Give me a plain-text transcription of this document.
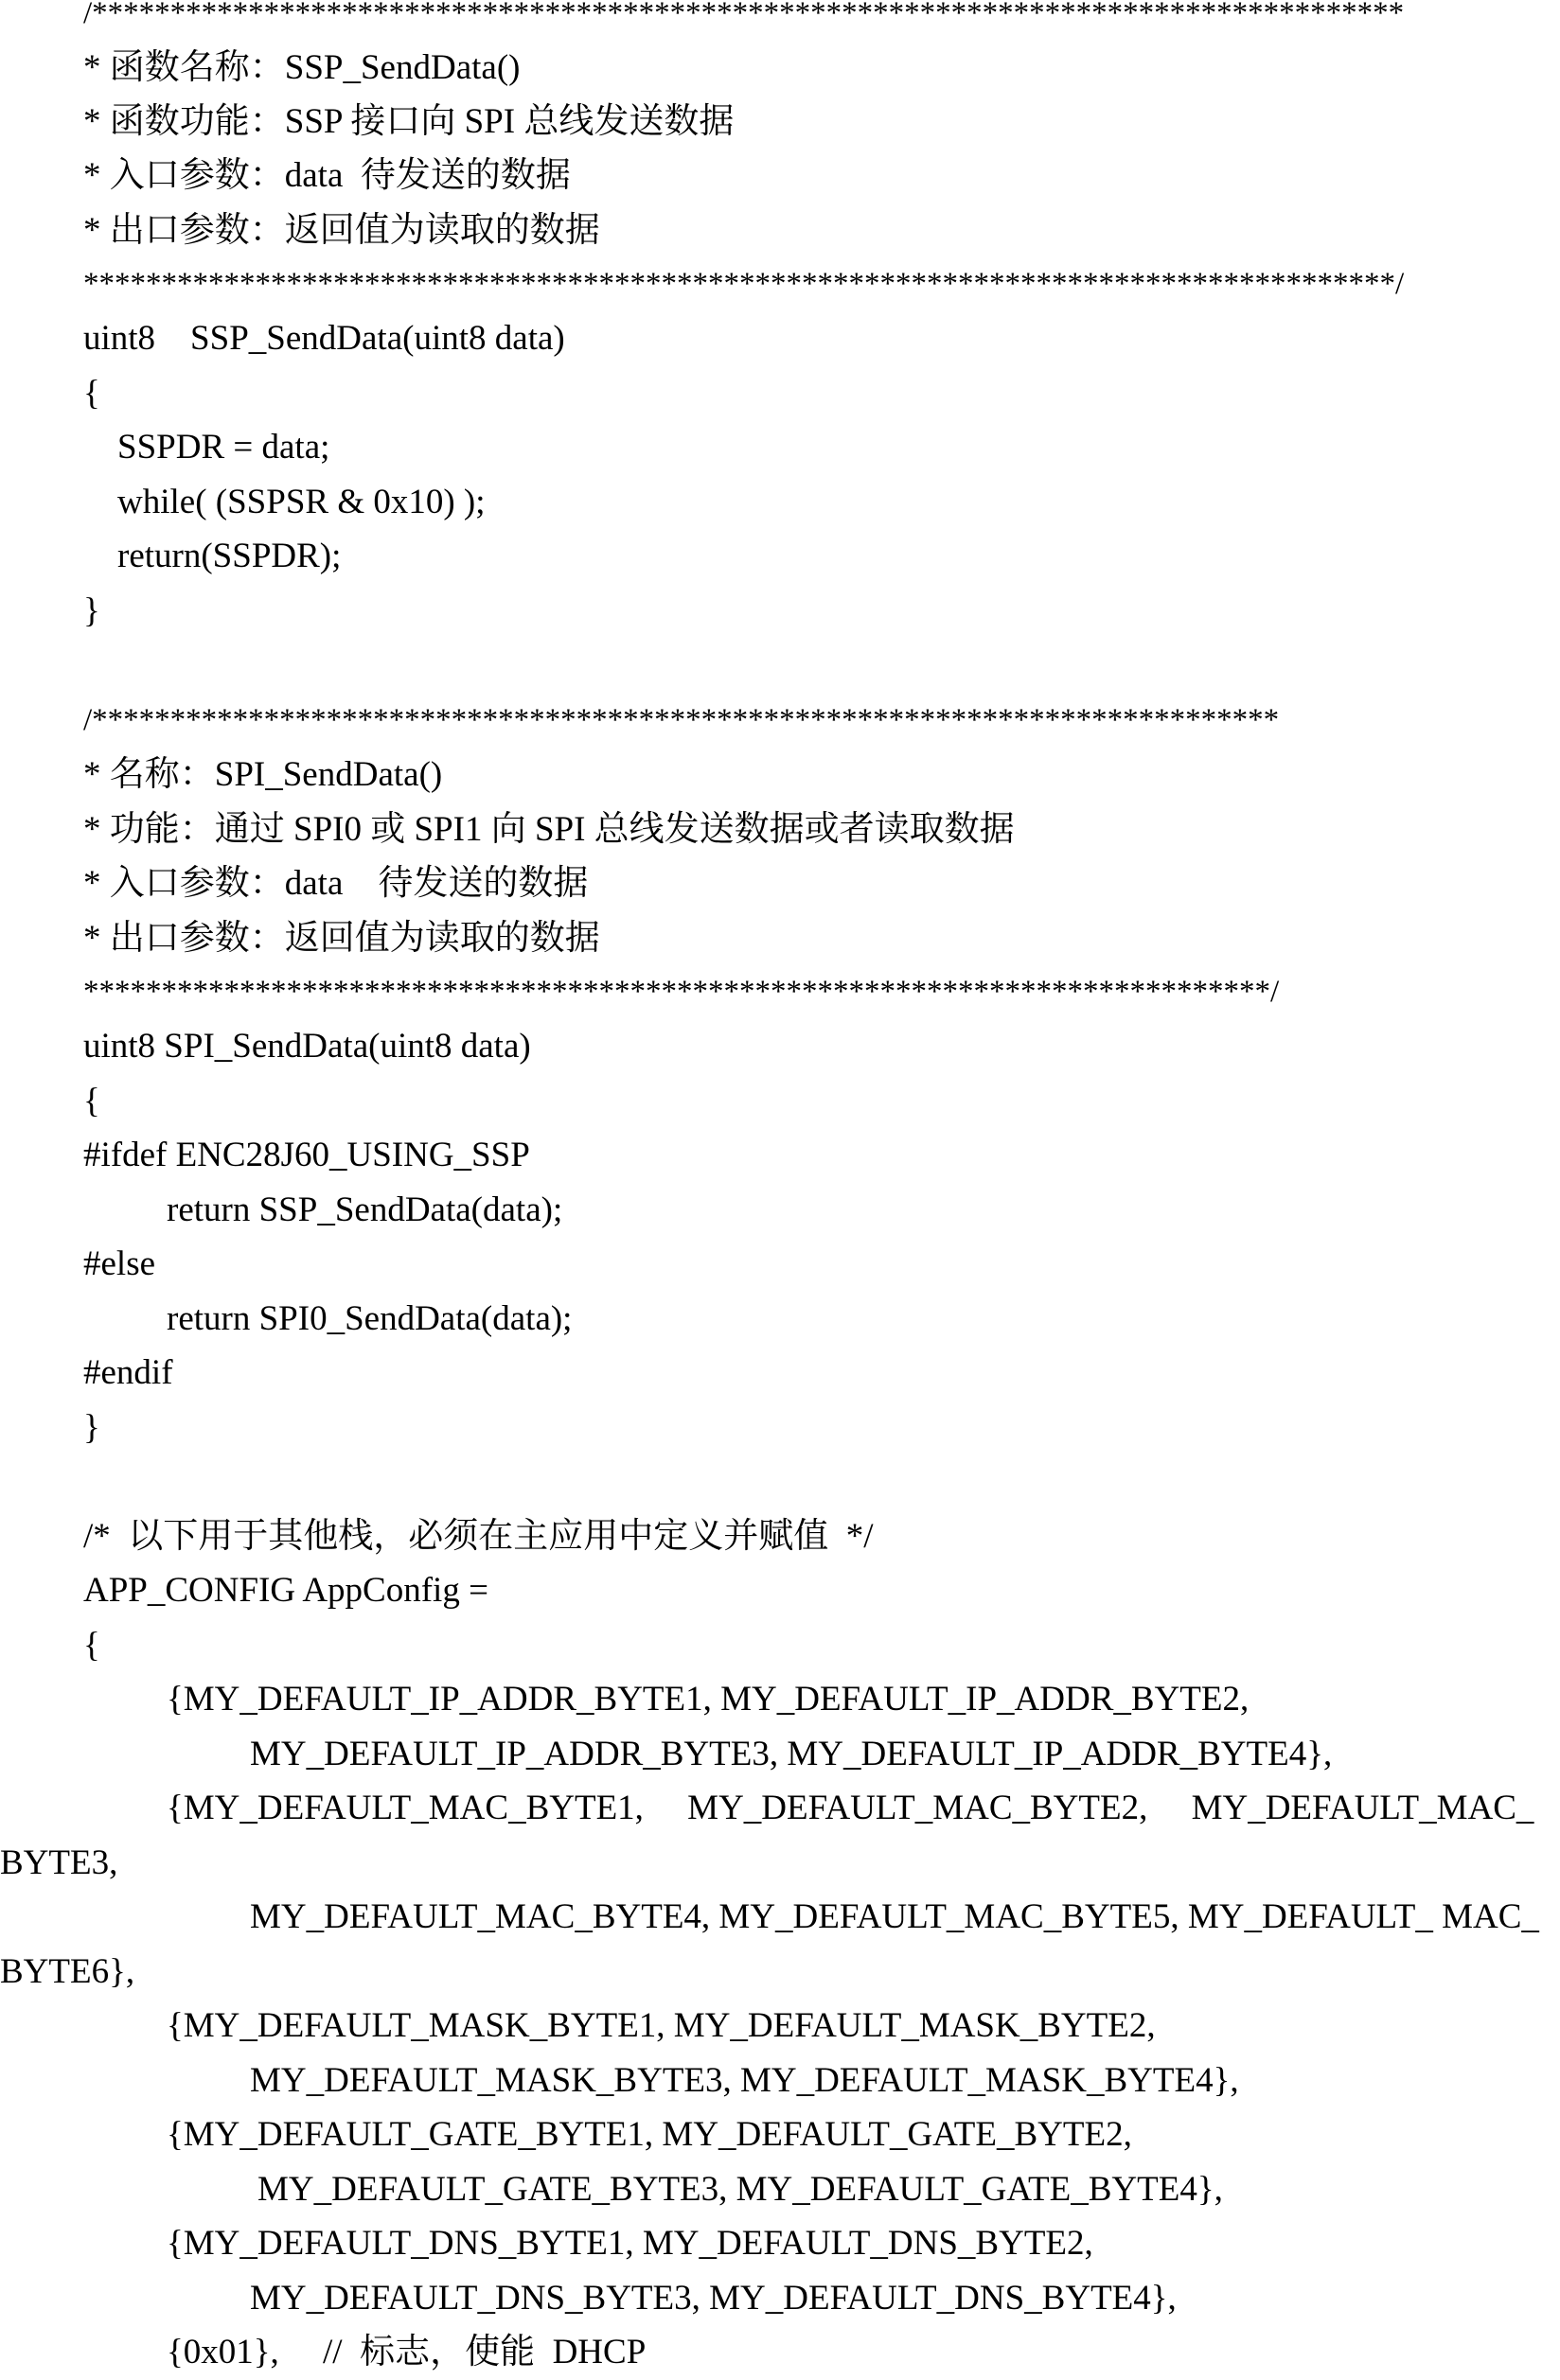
/************************************************************************************
* 函数名称：SSP_SendData()
* 函数功能：SSP 接口向 SPI 总线发送数据
* 入口参数：data  待发送的数据
* 出口参数：返回值为读取的数据
************************************************************************************/
uint8    SSP_SendData(uint8 data)
{
SSPDR = data;
while( (SSPSR & 0x10) );
return(SSPDR);
}
/****************************************************************************
* 名称：SPI_SendData()
* 功能：通过 SPI0 或 SPI1 向 SPI 总线发送数据或者读取数据
* 入口参数：data    待发送的数据
* 出口参数：返回值为读取的数据
****************************************************************************/
uint8 SPI_SendData(uint8 data)
{
#ifdef ENC28J60_USING_SSP
return SSP_SendData(data);
#else
return SPI0_SendData(data);
#endif
}
/*  以下用于其他栈，必须在主应用中定义并赋值  */
APP_CONFIG AppConfig =
{
{MY_DEFAULT_IP_ADDR_BYTE1, MY_DEFAULT_IP_ADDR_BYTE2,
MY_DEFAULT_IP_ADDR_BYTE3, MY_DEFAULT_IP_ADDR_BYTE4},
{MY_DEFAULT_MAC_BYTE1,     MY_DEFAULT_MAC_BYTE2,     MY_DEFAULT_MAC_
BYTE3,
MY_DEFAULT_MAC_BYTE4, MY_DEFAULT_MAC_BYTE5, MY_DEFAULT_ MAC_
BYTE6},
{MY_DEFAULT_MASK_BYTE1, MY_DEFAULT_MASK_BYTE2,
MY_DEFAULT_MASK_BYTE3, MY_DEFAULT_MASK_BYTE4},
{MY_DEFAULT_GATE_BYTE1, MY_DEFAULT_GATE_BYTE2,
MY_DEFAULT_GATE_BYTE3, MY_DEFAULT_GATE_BYTE4},
{MY_DEFAULT_DNS_BYTE1, MY_DEFAULT_DNS_BYTE2,
MY_DEFAULT_DNS_BYTE3, MY_DEFAULT_DNS_BYTE4},
{0x01},     //  标志，使能  DHCP
